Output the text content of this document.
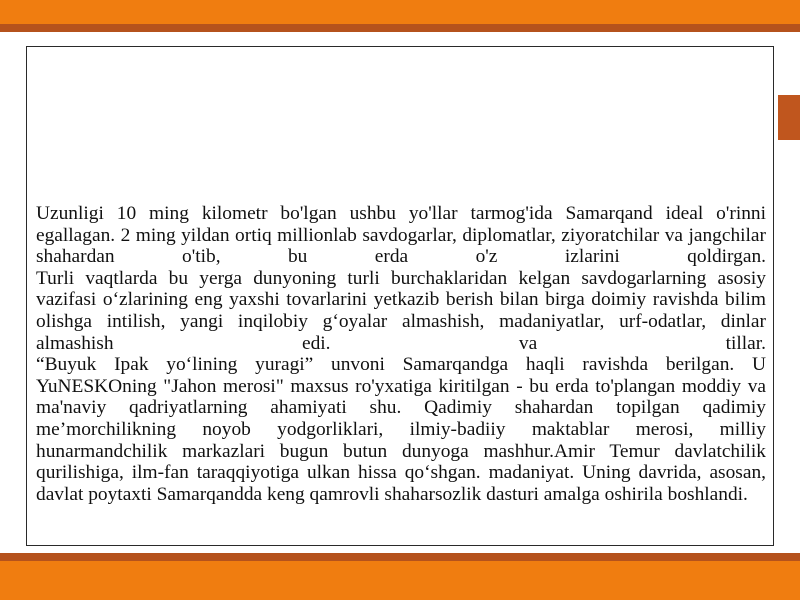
Uzunligi 10 ming kilometr bo'lgan ushbu yo'llar tarmog'ida Samarqand ideal o'rinni egallagan. 2 ming yildan ortiq millionlab savdogarlar, diplomatlar, ziyoratchilar va jangchilar shahardan o'tib, bu erda o'z izlarini qoldirgan.

Turli vaqtlarda bu yerga dunyoning turli burchaklaridan kelgan savdogarlarning asosiy vazifasi o‘zlarining eng yaxshi tovarlarini yetkazib berish bilan birga doimiy ravishda bilim olishga intilish, yangi inqilobiy g‘oyalar almashish, madaniyatlar, urf-odatlar, dinlar almashish edi. va tillar.

“Buyuk Ipak yo‘lining yuragi” unvoni Samarqandga haqli ravishda berilgan. U YuNESKOning "Jahon merosi" maxsus ro'yxatiga kiritilgan - bu erda to'plangan moddiy va ma'naviy qadriyatlarning ahamiyati shu. Qadimiy shahardan topilgan qadimiy me’morchilikning noyob yodgorliklari, ilmiy-badiiy maktablar merosi, milliy hunarmandchilik markazlari bugun butun dunyoga mashhur.Amir Temur davlatchilik qurilishiga, ilm-fan taraqqiyotiga ulkan hissa qo‘shgan. madaniyat. Uning davrida, asosan, davlat poytaxti Samarqandda keng qamrovli shaharsozlik dasturi amalga oshirila boshlandi.
